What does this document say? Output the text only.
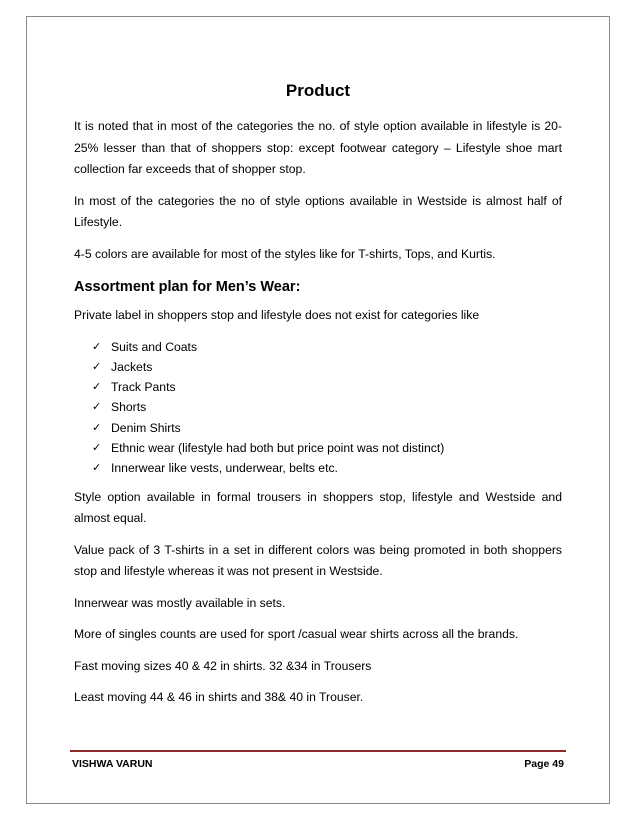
Product

It is noted that in most of the categories the no. of style option available in lifestyle is 20-25% lesser than that of shoppers stop: except footwear category – Lifestyle shoe mart collection far exceeds that of shopper stop.

In most of the categories the no of style options available in Westside is almost half of Lifestyle.

4-5 colors are available for most of the styles like for T-shirts, Tops, and Kurtis.

Assortment plan for Men’s Wear:

Private label in shoppers stop and lifestyle does not exist for categories like

✓ Suits and Coats
✓ Jackets
✓ Track Pants
✓ Shorts
✓ Denim Shirts
✓ Ethnic wear (lifestyle had both but price point was not distinct)
✓ Innerwear like vests, underwear, belts etc.

Style option available in formal trousers in shoppers stop, lifestyle and Westside and almost equal.

Value pack of 3 T-shirts in a set in different colors was being promoted in both shoppers stop and lifestyle whereas it was not present in Westside.

Innerwear was mostly available in sets.

More of singles counts are used for sport /casual wear shirts across all the brands.

Fast moving sizes 40 & 42 in shirts. 32 &34 in Trousers

Least moving 44 & 46 in shirts and 38& 40 in Trouser.

VISHWA VARUN	Page 49
